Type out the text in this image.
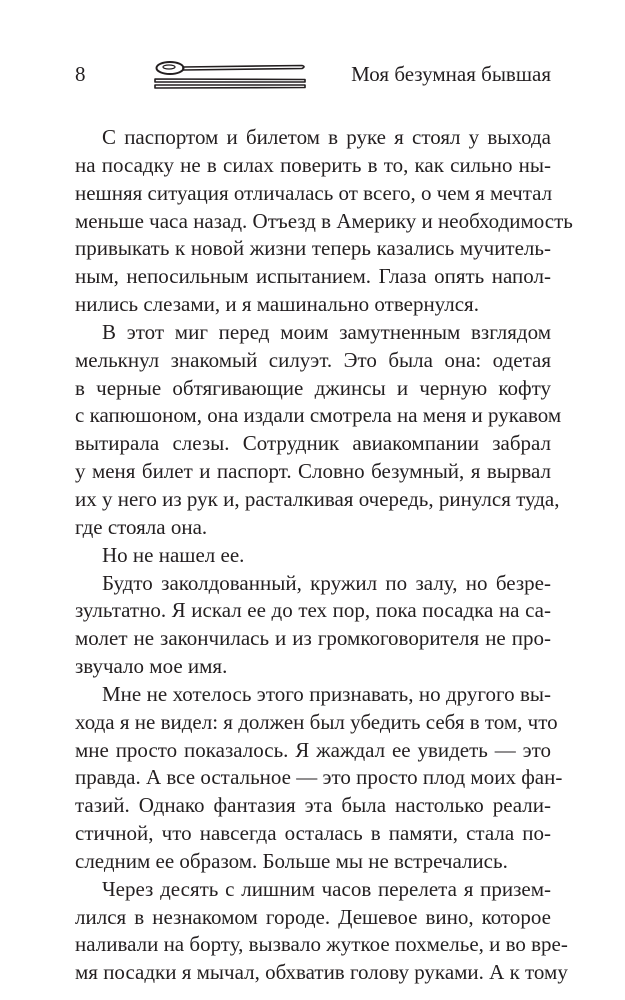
8	Моя безумная бывшая

С паспортом и билетом в руке я стоял у выхода
на посадку не в силах поверить в то, как сильно ны-
нешняя ситуация отличалась от всего, о чем я мечтал
меньше часа назад. Отъезд в Америку и необходимость
привыкать к новой жизни теперь казались мучитель-
ным, непосильным испытанием. Глаза опять напол-
нились слезами, и я машинально отвернулся.

В этот миг перед моим замутненным взглядом
мелькнул знакомый силуэт. Это была она: одетая
в черные обтягивающие джинсы и черную кофту
с капюшоном, она издали смотрела на меня и рукавом
вытирала слезы. Сотрудник авиакомпании забрал
у меня билет и паспорт. Словно безумный, я вырвал
их у него из рук и, расталкивая очередь, ринулся туда,
где стояла она.

Но не нашел ее.

Будто заколдованный, кружил по залу, но безре-
зультатно. Я искал ее до тех пор, пока посадка на са-
молет не закончилась и из громкоговорителя не про-
звучало мое имя.

Мне не хотелось этого признавать, но другого вы-
хода я не видел: я должен был убедить себя в том, что
мне просто показалось. Я жаждал ее увидеть — это
правда. А все остальное — это просто плод моих фан-
тазий. Однако фантазия эта была настолько реали-
стичной, что навсегда осталась в памяти, стала по-
следним ее образом. Больше мы не встречались.

Через десять с лишним часов перелета я призем-
лился в незнакомом городе. Дешевое вино, которое
наливали на борту, вызвало жуткое похмелье, и во вре-
мя посадки я мычал, обхватив голову руками. А к тому
